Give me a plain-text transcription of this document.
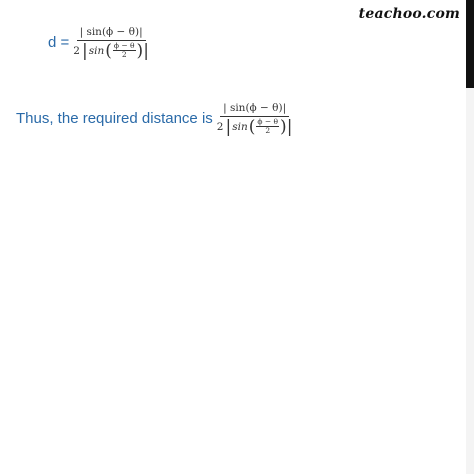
teachoo.com
d =
| sin(ϕ − θ)|
2 | sin ( $\frac{\phi - \theta}{2}$ ) |
Thus, the required distance is
| sin(ϕ − θ)|
2 | sin ( $\frac{\phi - \theta}{2}$ ) |
